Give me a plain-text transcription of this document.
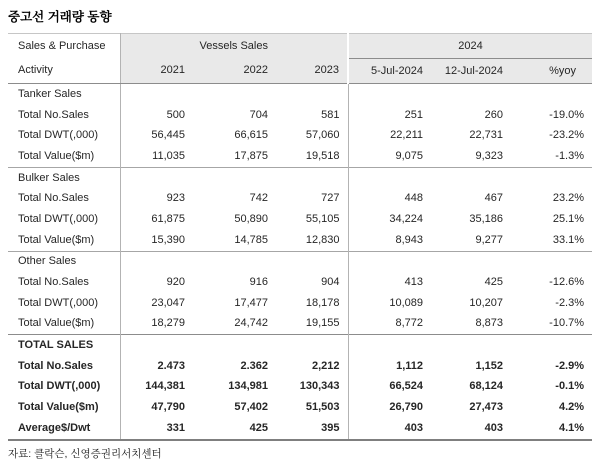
중고선 거래량 동향
Sales & Purchase	Vessels Sales			2024		
Activity	2021	2022	2023	5-Jul-2024	12-Jul-2024	%yoy
Tanker Sales						
Total No.Sales	500	704	581	251	260	-19.0%
Total DWT(,000)	56,445	66,615	57,060	22,211	22,731	-23.2%
Total Value($m)	11,035	17,875	19,518	9,075	9,323	-1.3%
Bulker Sales						
Total No.Sales	923	742	727	448	467	23.2%
Total DWT(,000)	61,875	50,890	55,105	34,224	35,186	25.1%
Total Value($m)	15,390	14,785	12,830	8,943	9,277	33.1%
Other Sales						
Total No.Sales	920	916	904	413	425	-12.6%
Total DWT(,000)	23,047	17,477	18,178	10,089	10,207	-2.3%
Total Value($m)	18,279	24,742	19,155	8,772	8,873	-10.7%
TOTAL SALES						
Total No.Sales	2.473	2.362	2,212	1,112	1,152	-2.9%
Total DWT(,000)	144,381	134,981	130,343	66,524	68,124	-0.1%
Total Value($m)	47,790	57,402	51,503	26,790	27,473	4.2%
Average$/Dwt	331	425	395	403	403	4.1%
자료: 클락슨, 신영증권리서치센터
